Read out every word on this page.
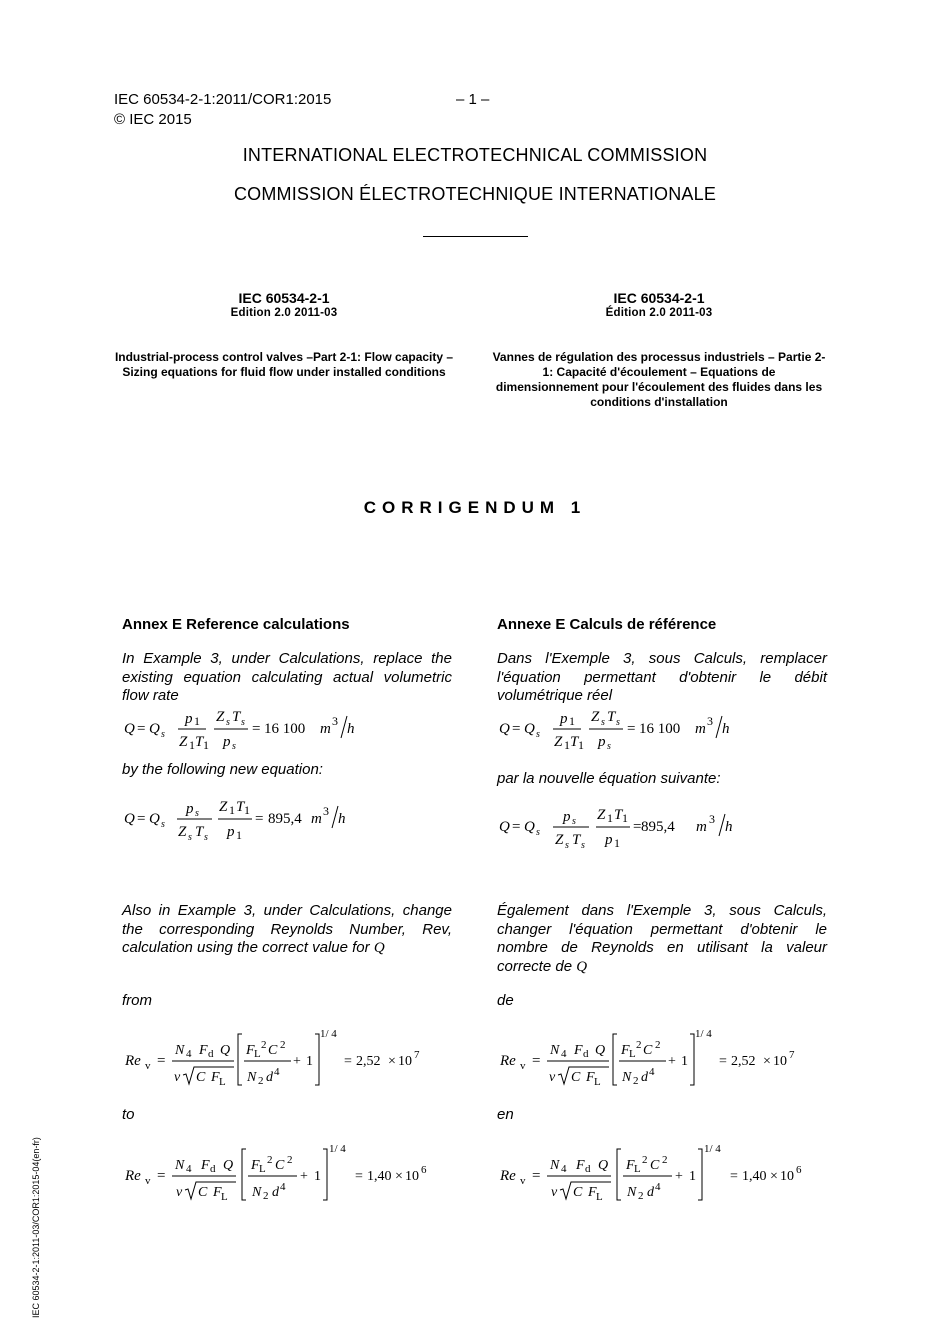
IEC 60534-2-1:2011/COR1:2015	– 1 –
© IEC 2015
INTERNATIONAL ELECTROTECHNICAL COMMISSION
COMMISSION ÉLECTROTECHNIQUE INTERNATIONALE
IEC 60534-2-1
Edition 2.0 2011-03
IEC 60534-2-1
Édition 2.0 2011-03
Industrial-process control valves –Part 2-1: Flow capacity – Sizing equations for fluid flow under installed conditions
Vannes de régulation des processus industriels – Partie 2-1: Capacité d'écoulement – Equations de dimensionnement pour l'écoulement des fluides dans les conditions d'installation
CORRIGENDUM 1
Annex E Reference calculations
In Example 3, under Calculations, replace the existing equation calculating actual volumetric flow rate
Q = Q s
p 1
Z 1 T 1
Z s T s
p s
= 16 100 m 3 h
by the following new equation:
Q = Q s
p s
Z s T s
Z 1 T 1
p 1
= 895,4 m 3 h
Also in Example 3, under Calculations, change the corresponding Reynolds Number, Rev, calculation using the correct value for Q
from
Re v =
N 4 F d Q
ν C F L
F L
2 C 2
N 2 d 4
+ 1
1/ 4
= 2,52 × 10 7
to
Re v =
N 4 F d Q
ν C F L
F L
2 C 2
N 2 d 4
+ 1
1/ 4
= 1,40 × 10 6
Annexe E Calculs de référence
Dans l'Exemple 3, sous Calculs, remplacer l'équation permettant d'obtenir le débit volumétrique réel
Q = Q s
p 1
Z 1 T 1
Z s T s
p s
= 16 100 m 3 h
par la nouvelle équation suivante:
Q = Q s
p s
Z s T s
Z 1 T 1
p 1
= 895,4 m 3 h
Également dans l'Exemple 3, sous Calculs, changer l'équation permettant d'obtenir le nombre de Reynolds en utilisant la valeur correcte de Q
de
Re v =
N 4 F d Q
ν C F L
F L
2 C 2
N 2 d 4
+ 1
1/ 4
= 2,52 × 10 7
en
Re v =
N 4 F d Q
ν C F L
F L
2 C 2
N 2 d 4
+ 1
1/ 4
= 1,40 × 10 6
IEC 60534-2-1:2011-03/COR1:2015-04(en-fr)
